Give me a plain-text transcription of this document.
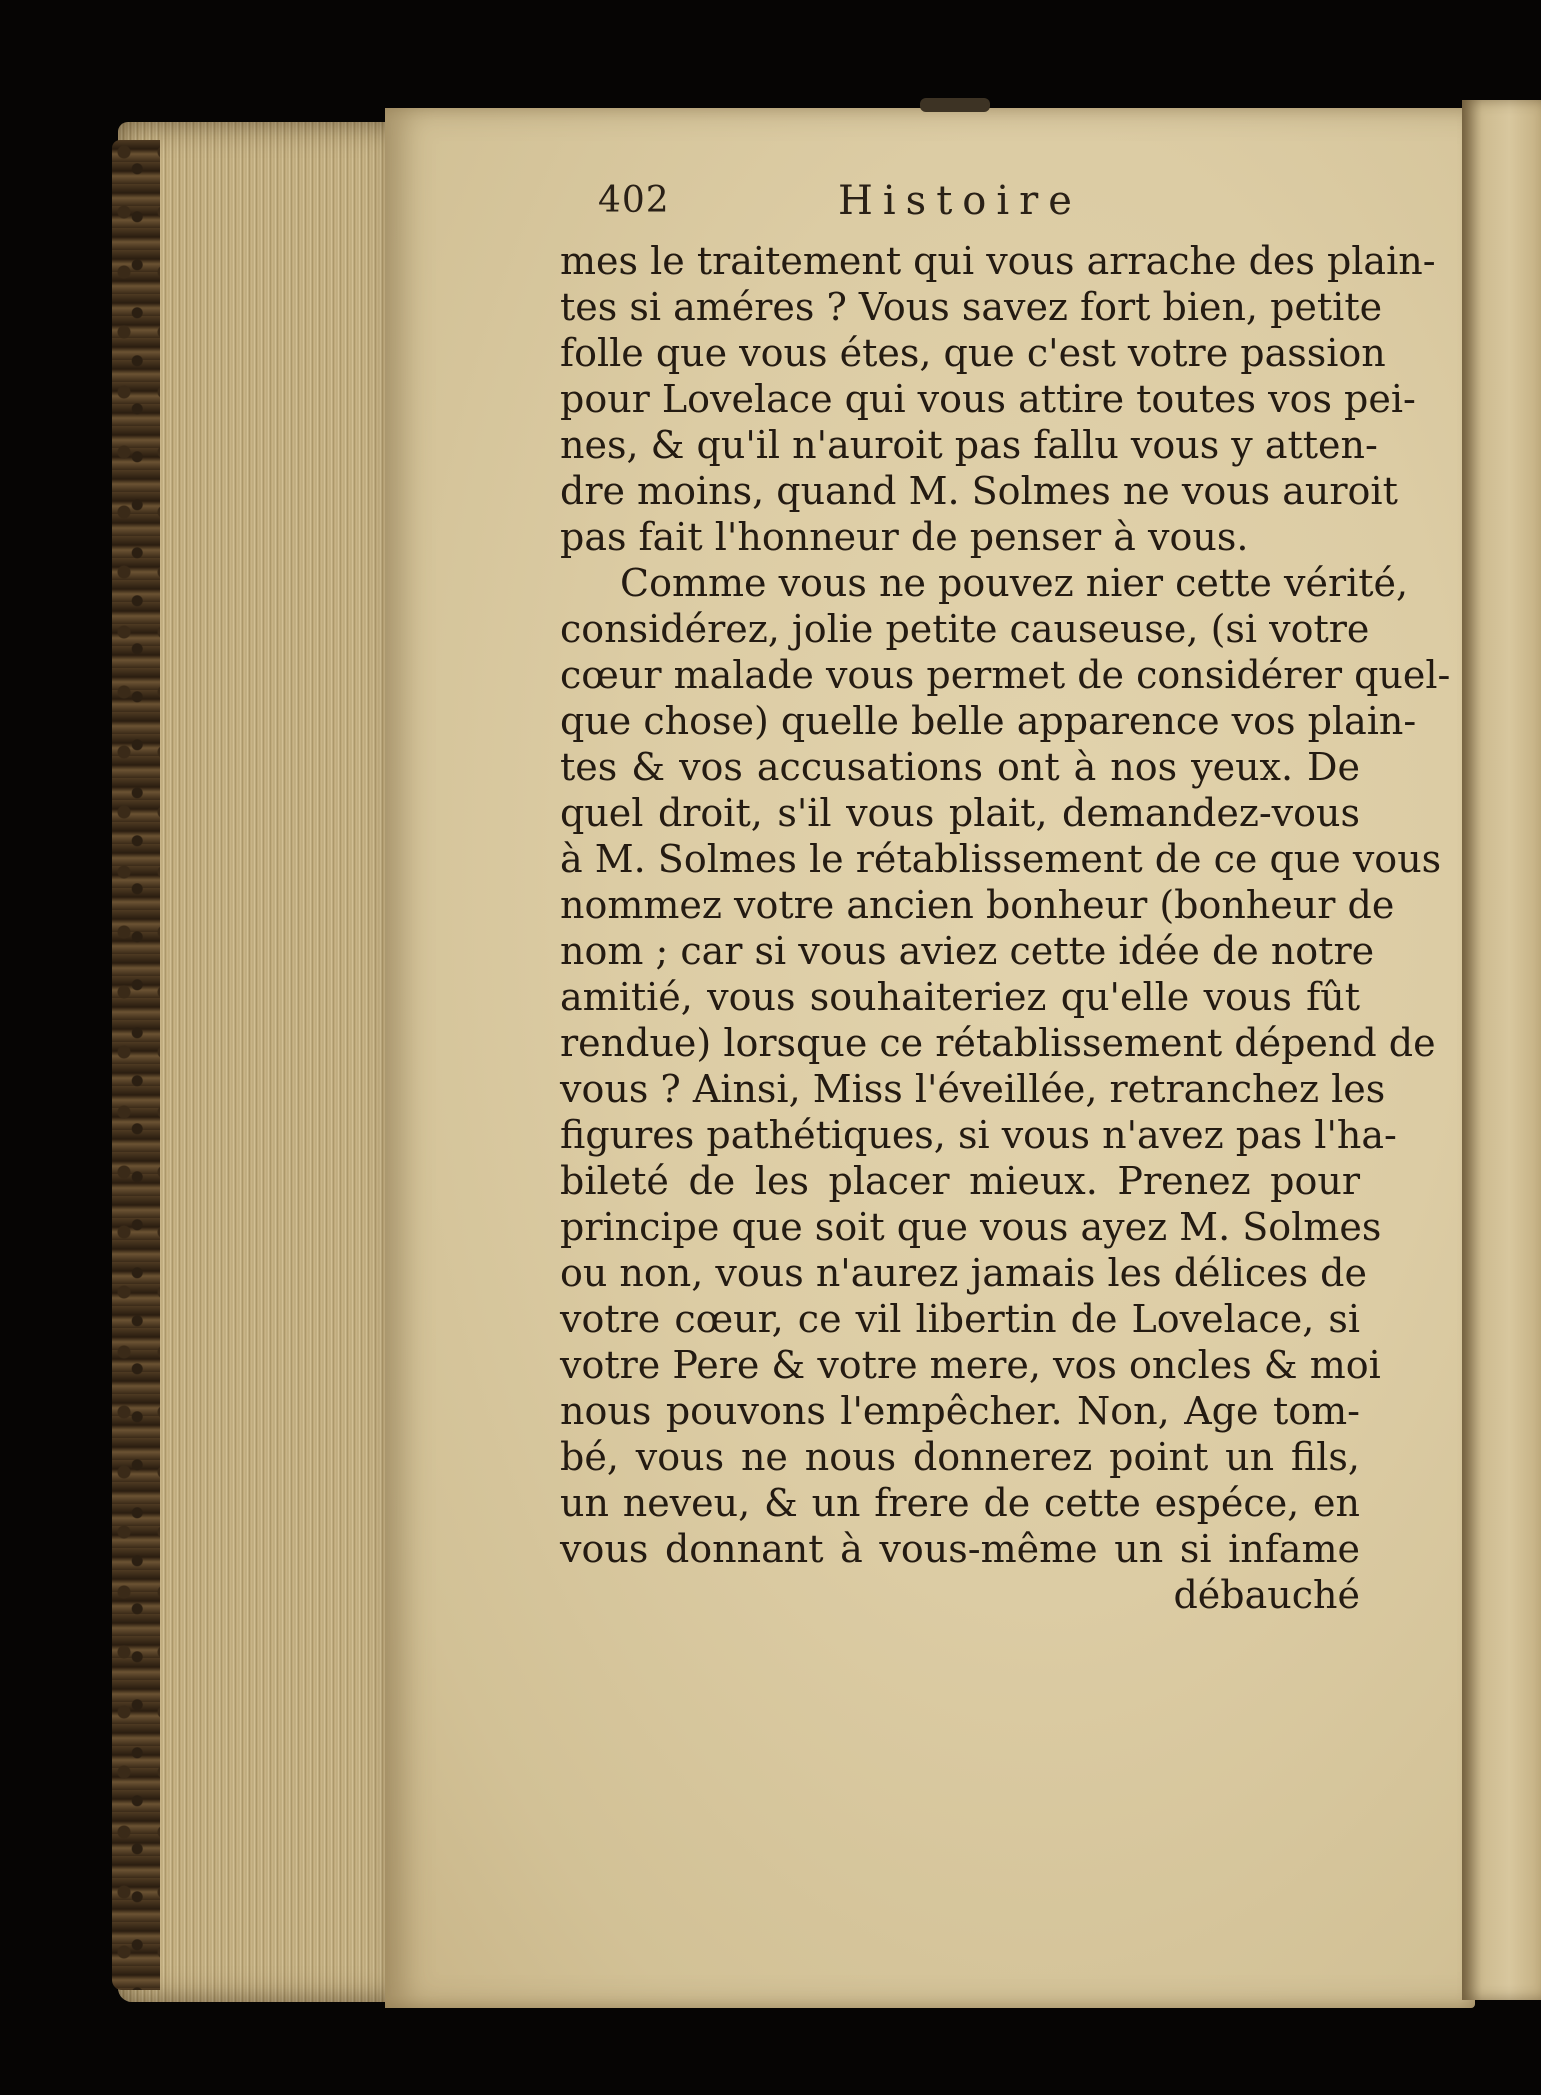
402	Histoire
mes le traitement qui vous arrache des plain-
tes si améres ? Vous savez fort bien, petite
folle que vous étes, que c'est votre passion
pour Lovelace qui vous attire toutes vos pei-
nes, & qu'il n'auroit pas fallu vous y atten-
dre moins, quand M. Solmes ne vous auroit
pas fait l'honneur de penser à vous.
Comme vous ne pouvez nier cette vérité,
considérez, jolie petite causeuse, (si votre
cœur malade vous permet de considérer quel-
que chose) quelle belle apparence vos plain-
tes & vos accusations ont à nos yeux. De
quel droit, s'il vous plait, demandez-vous
à M. Solmes le rétablissement de ce que vous
nommez votre ancien bonheur (bonheur de
nom ; car si vous aviez cette idée de notre
amitié, vous souhaiteriez qu'elle vous fût
rendue) lorsque ce rétablissement dépend de
vous ? Ainsi, Miss l'éveillée, retranchez les
figures pathétiques, si vous n'avez pas l'ha-
bileté de les placer mieux. Prenez pour
principe que soit que vous ayez M. Solmes
ou non, vous n'aurez jamais les délices de
votre cœur, ce vil libertin de Lovelace, si
votre Pere & votre mere, vos oncles & moi
nous pouvons l'empêcher. Non, Age tom-
bé, vous ne nous donnerez point un fils,
un neveu, & un frere de cette espéce, en
vous donnant à vous-même un si infame
débauché
